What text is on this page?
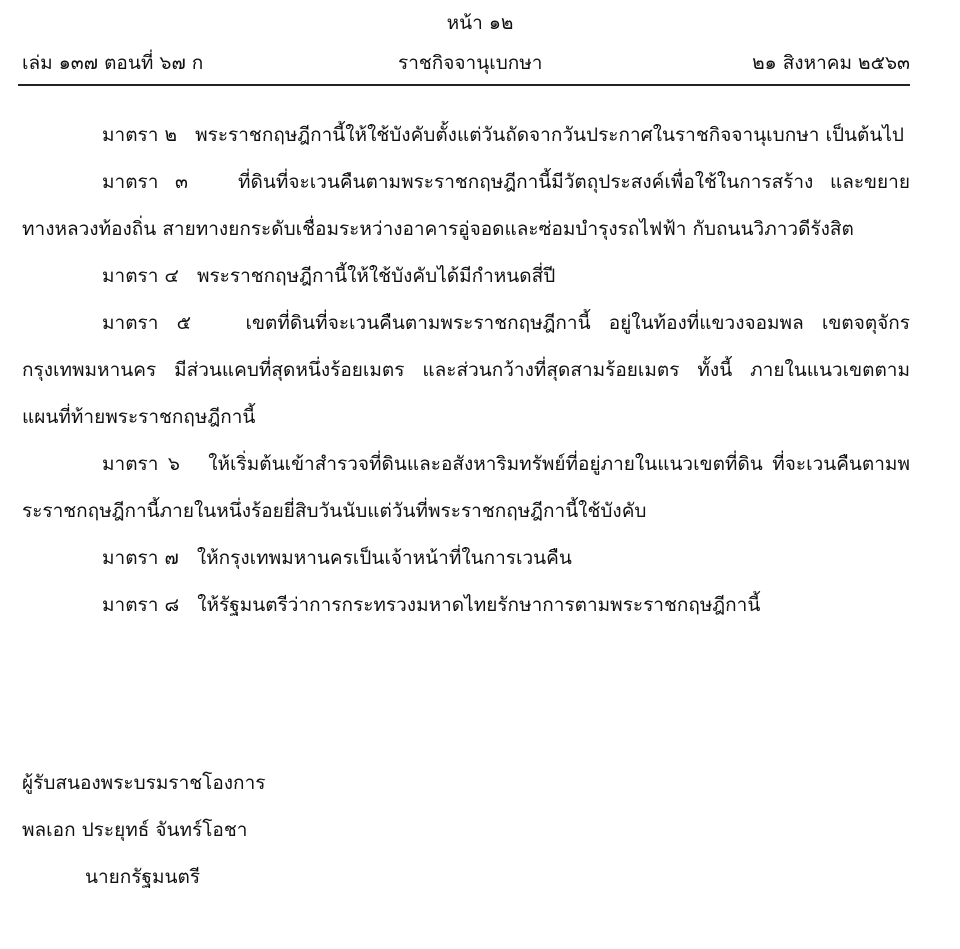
หน้า ๑๒
เล่ม ๑๓๗ ตอนที่ ๖๗ ก	ราชกิจจานุเบกษา	๒๑ สิงหาคม ๒๕๖๓

มาตรา ๒ พระราชกฤษฎีกานี้ให้ใช้บังคับตั้งแต่วันถัดจากวันประกาศในราชกิจจานุเบกษา เป็นต้นไป

มาตรา ๓	ที่ดินที่จะเวนคืนตามพระราชกฤษฎีกานี้มีวัตถุประสงค์เพื่อใช้ในการสร้าง และขยายทางหลวงท้องถิ่น สายทางยกระดับเชื่อมระหว่างอาคารอู่จอดและซ่อมบำรุงรถไฟฟ้า กับถนนวิภาวดีรังสิต

มาตรา ๔ พระราชกฤษฎีกานี้ให้ใช้บังคับได้มีกำหนดสี่ปี

มาตรา ๕	เขตที่ดินที่จะเวนคืนตามพระราชกฤษฎีกานี้ อยู่ในท้องที่แขวงจอมพล เขตจตุจักร กรุงเทพมหานคร มีส่วนแคบที่สุดหนึ่งร้อยเมตร และส่วนกว้างที่สุดสามร้อยเมตร ทั้งนี้ ภายในแนวเขตตามแผนที่ท้ายพระราชกฤษฎีกานี้

มาตรา ๖ ให้เริ่มต้นเข้าสำรวจที่ดินและอสังหาริมทรัพย์ที่อยู่ภายในแนวเขตที่ดิน ที่จะเวนคืนตามพระราชกฤษฎีกานี้ภายในหนึ่งร้อยยี่สิบวันนับแต่วันที่พระราชกฤษฎีกานี้ใช้บังคับ

มาตรา ๗ ให้กรุงเทพมหานครเป็นเจ้าหน้าที่ในการเวนคืน

มาตรา ๘ ให้รัฐมนตรีว่าการกระทรวงมหาดไทยรักษาการตามพระราชกฤษฎีกานี้

ผู้รับสนองพระบรมราชโองการ
พลเอก ประยุทธ์ จันทร์โอชา
นายกรัฐมนตรี
